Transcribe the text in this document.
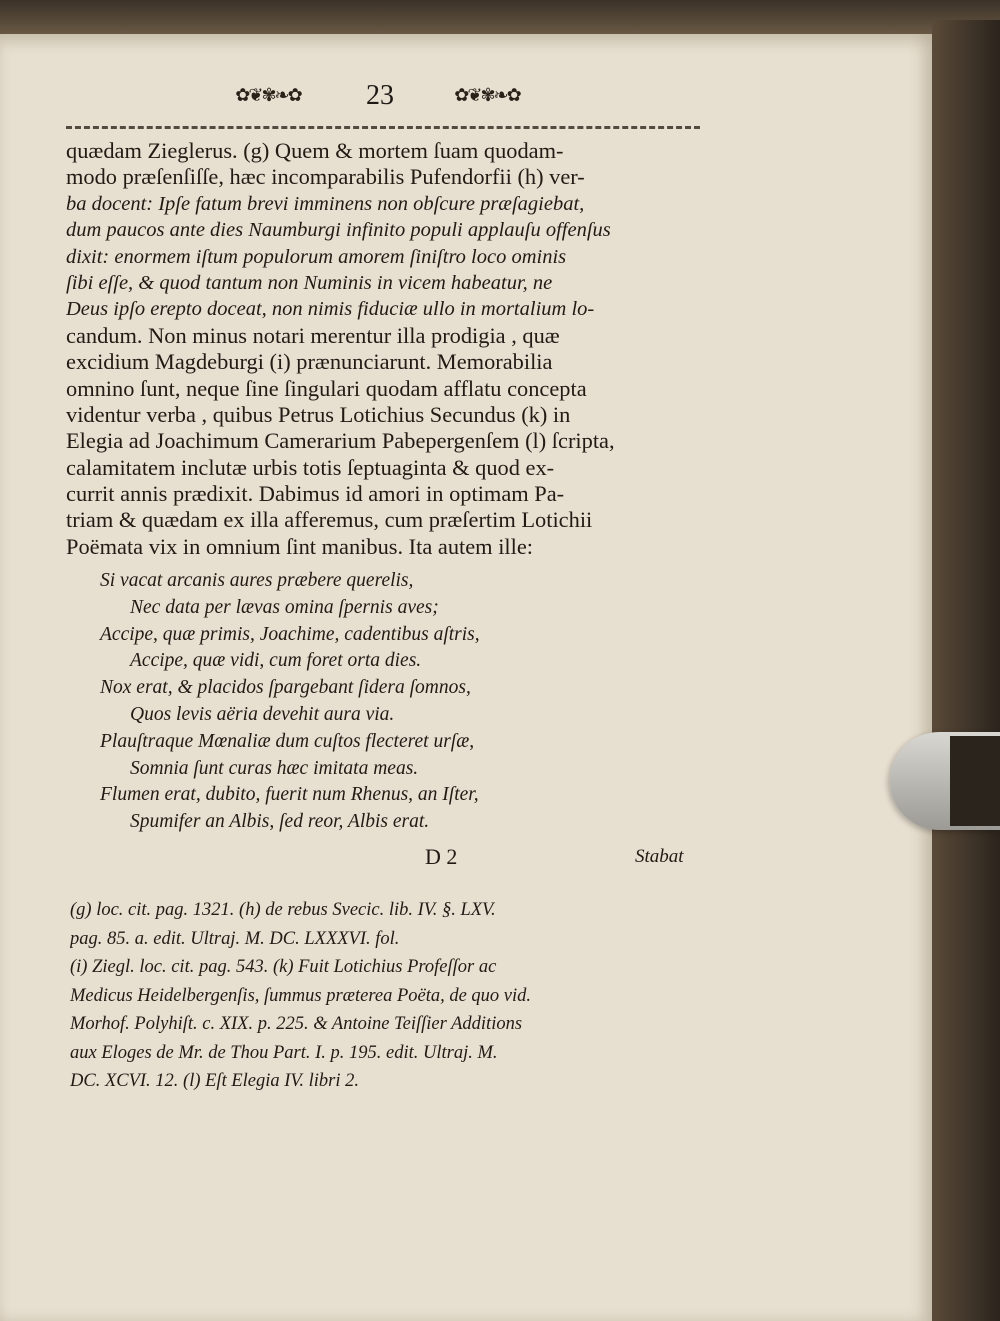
✿❦✾❧✿	23	✿❦✾❧✿
quædam Zieglerus. (g) Quem & mortem ſuam quodam-
modo præſenſiſſe, hæc incomparabilis Pufendorfii (h) ver-
ba docent: Ipſe fatum brevi imminens non obſcure præſagiebat,
dum paucos ante dies Naumburgi infinito populi applauſu offenſus
dixit: enormem iſtum populorum amorem ſiniſtro loco ominis
ſibi eſſe, & quod tantum non Numinis in vicem habeatur, ne
Deus ipſo erepto doceat, non nimis fiduciæ ullo in mortalium lo-
candum. Non minus notari merentur illa prodigia , quæ
excidium Magdeburgi (i) prænunciarunt. Memorabilia
omnino ſunt, neque ſine ſingulari quodam afflatu concepta
videntur verba , quibus Petrus Lotichius Secundus (k) in
Elegia ad Joachimum Camerarium Pabepergenſem (l) ſcripta,
calamitatem inclutæ urbis totis ſeptuaginta & quod ex-
currit annis prædixit. Dabimus id amori in optimam Pa-
triam & quædam ex illa afferemus, cum præſertim Lotichii
Poëmata vix in omnium ſint manibus. Ita autem ille:
Si vacat arcanis aures præbere querelis,
Nec data per lævas omina ſpernis aves;
Accipe, quæ primis, Joachime, cadentibus aſtris,
Accipe, quæ vidi, cum foret orta dies.
Nox erat, & placidos ſpargebant ſidera ſomnos,
Quos levis aëria devehit aura via.
Plauſtraque Mœnaliæ dum cuſtos flecteret urſæ,
Somnia ſunt curas hæc imitata meas.
Flumen erat, dubito, fuerit num Rhenus, an Iſter,
Spumifer an Albis, ſed reor, Albis erat.
D 2	Stabat
(g) loc. cit. pag. 1321. (h) de rebus Svecic. lib. IV. §. LXV.
pag. 85. a. edit. Ultraj. M. DC. LXXXVI. fol.
(i) Ziegl. loc. cit. pag. 543. (k) Fuit Lotichius Profeſſor ac
Medicus Heidelbergenſis, ſummus præterea Poëta, de quo vid.
Morhof. Polyhiſt. c. XIX. p. 225. & Antoine Teiſſier Additions
aux Eloges de Mr. de Thou Part. I. p. 195. edit. Ultraj. M.
DC. XCVI. 12. (l) Eſt Elegia IV. libri 2.
